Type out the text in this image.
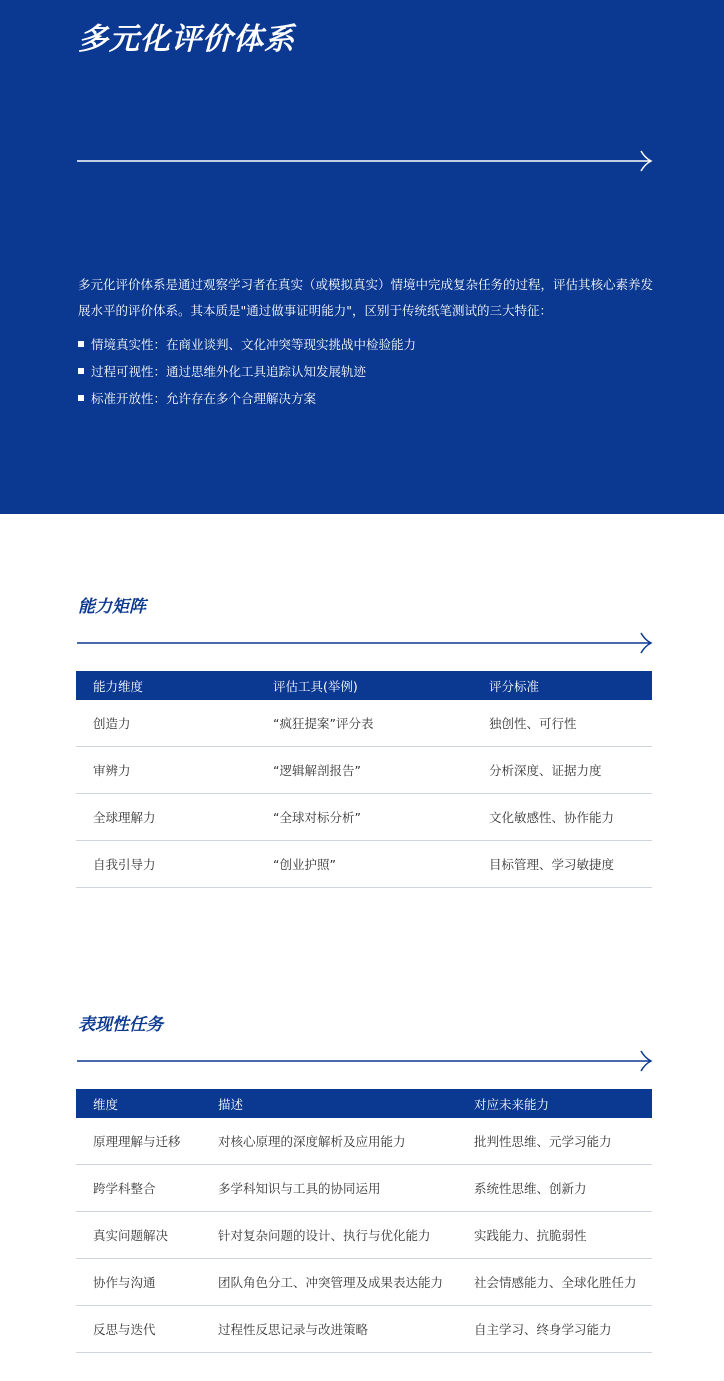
多元化评价体系

多元化评价体系是通过观察学习者在真实（或模拟真实）情境中完成复杂任务的过程，评估其核心素养发展水平的评价体系。其本质是"通过做事证明能力"，区别于传统纸笔测试的三大特征：

情境真实性：在商业谈判、文化冲突等现实挑战中检验能力
过程可视性：通过思维外化工具追踪认知发展轨迹
标准开放性：允许存在多个合理解决方案
能力矩阵
能力维度	评估工具(举例)	评分标准
创造力	“疯狂提案”评分表	独创性、可行性
审辨力	“逻辑解剖报告”	分析深度、证据力度
全球理解力	“全球对标分析”	文化敏感性、协作能力
自我引导力	“创业护照”	目标管理、学习敏捷度
表现性任务
维度	描述	对应未来能力
原理理解与迁移	对核心原理的深度解析及应用能力	批判性思维、元学习能力
跨学科整合	多学科知识与工具的协同运用	系统性思维、创新力
真实问题解决	针对复杂问题的设计、执行与优化能力	实践能力、抗脆弱性
协作与沟通	团队角色分工、冲突管理及成果表达能力	社会情感能力、全球化胜任力
反思与迭代	过程性反思记录与改进策略	自主学习、终身学习能力
